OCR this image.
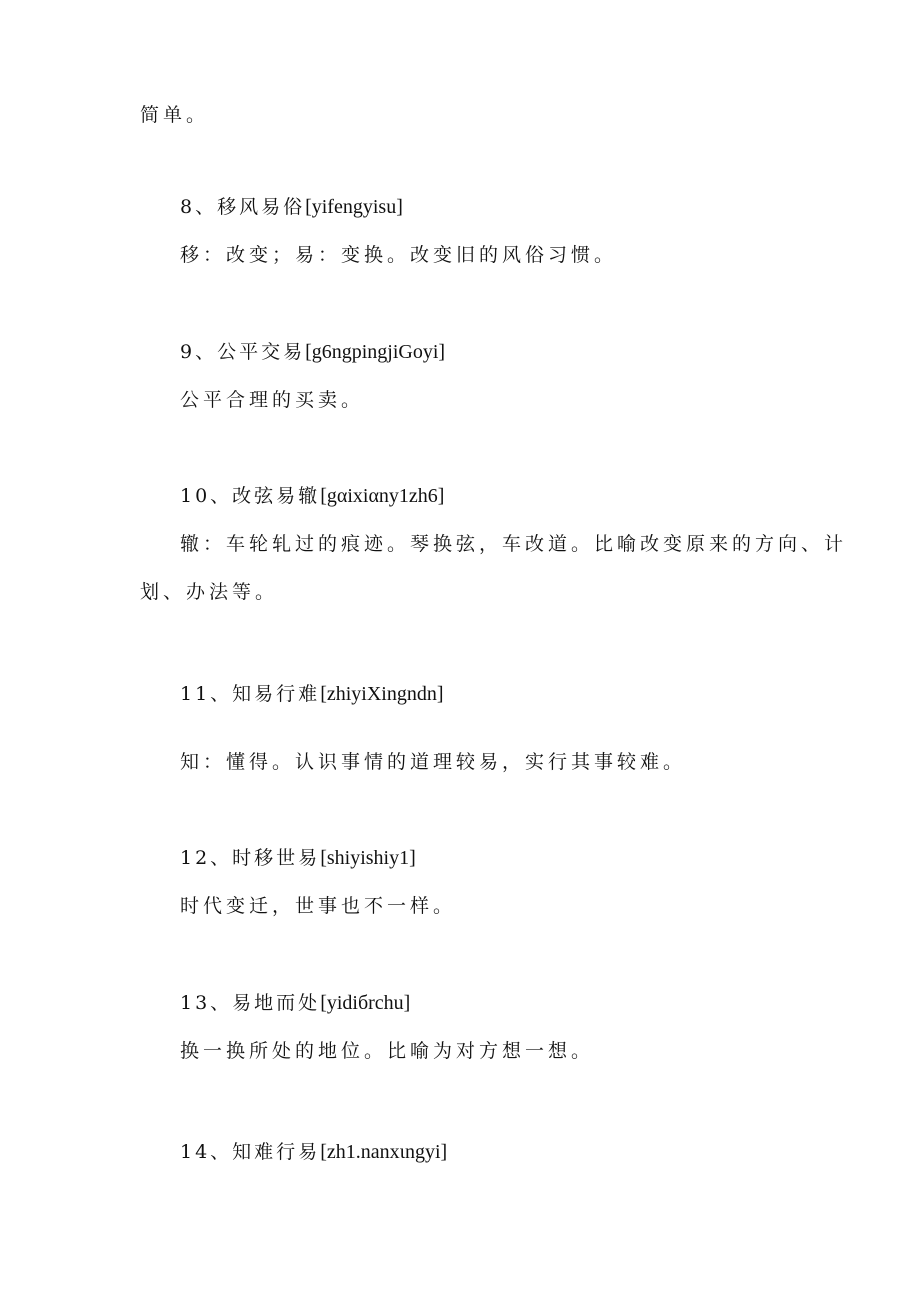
简单。
8、移风易俗[yifengyisu]
移：改变；易：变换。改变旧的风俗习惯。
9、公平交易[g6ngpingjiGoyi]
公平合理的买卖。
10、改弦易辙[gαixiαny1zh6]
辙：车轮轧过的痕迹。琴换弦，车改道。比喻改变原来的方向、计
划、办法等。
11、知易行难[zhiyiXingndn]
知：懂得。认识事情的道理较易，实行其事较难。
12、时移世易[shiyishiy1]
时代变迁，世事也不一样。
13、易地而处[yidiбrchu]
换一换所处的地位。比喻为对方想一想。
14、知难行易[zh1.nanxιngyi]
